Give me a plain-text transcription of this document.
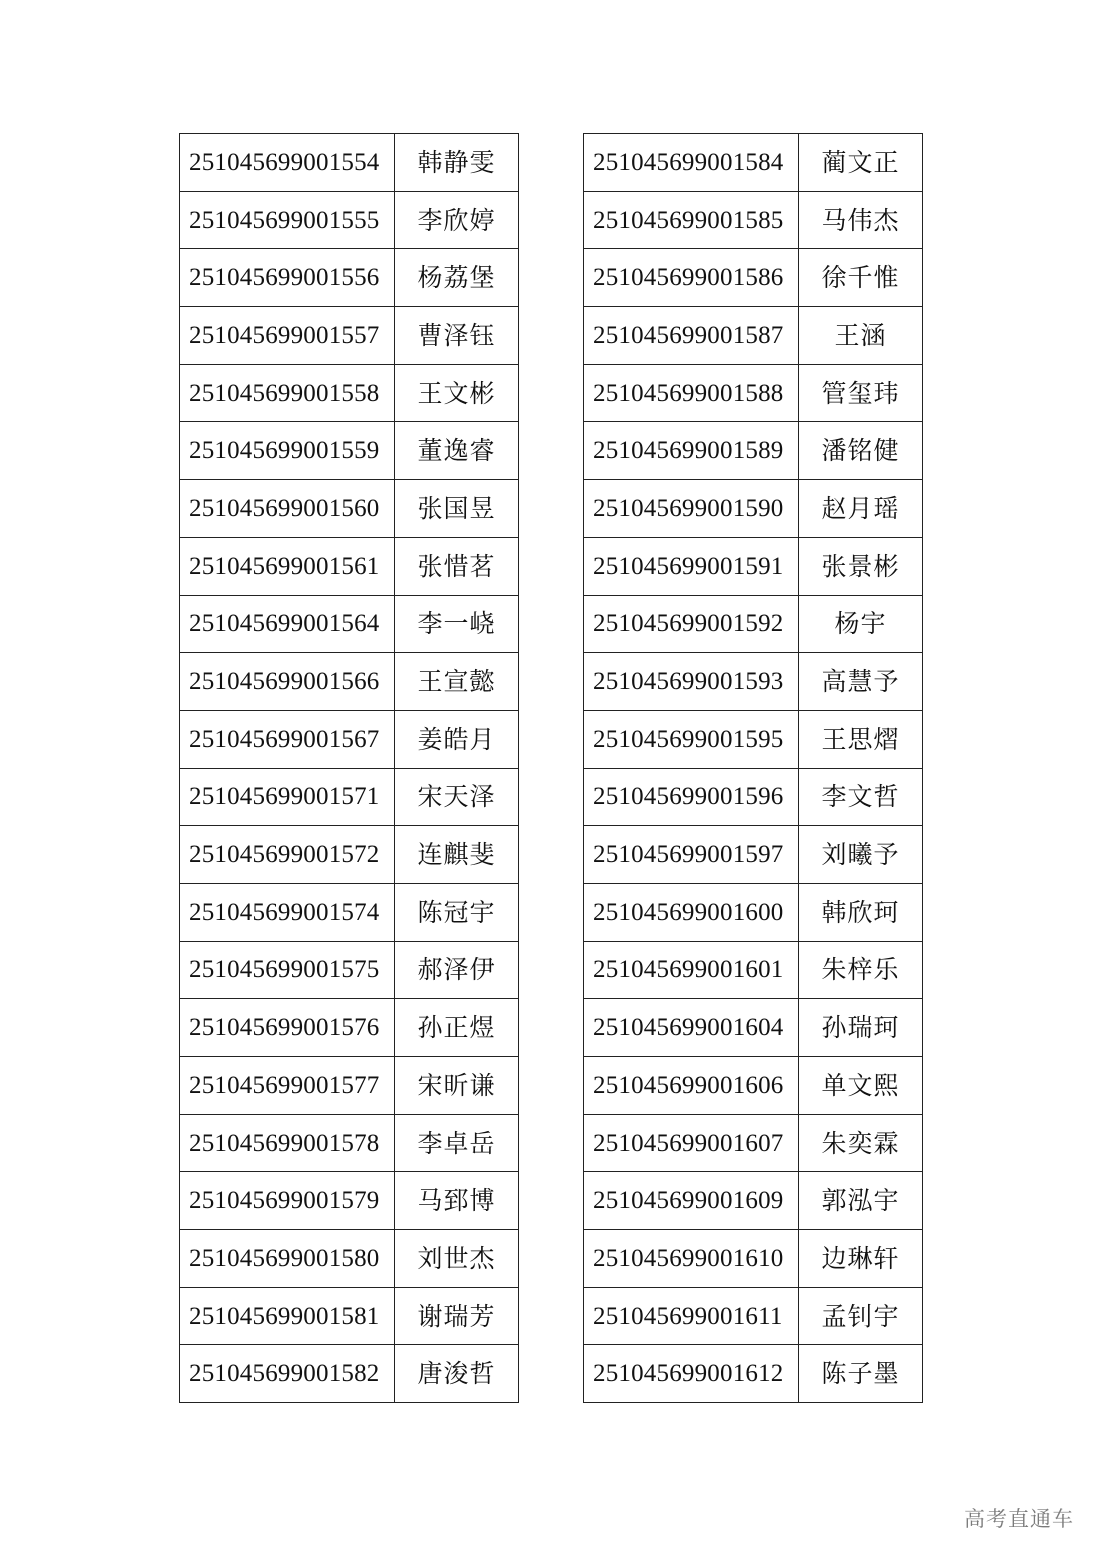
251045699001554	韩静雯
251045699001555	李欣婷
251045699001556	杨荔堡
251045699001557	曹泽钰
251045699001558	王文彬
251045699001559	董逸睿
251045699001560	张国昱
251045699001561	张惜茗
251045699001564	李一峣
251045699001566	王宣懿
251045699001567	姜皓月
251045699001571	宋天泽
251045699001572	连麒斐
251045699001574	陈冠宇
251045699001575	郝泽伊
251045699001576	孙正煜
251045699001577	宋昕谦
251045699001578	李卓岳
251045699001579	马郅博
251045699001580	刘世杰
251045699001581	谢瑞芳
251045699001582	唐浚哲
251045699001584	蔺文正
251045699001585	马伟杰
251045699001586	徐千惟
251045699001587	王涵
251045699001588	管玺玮
251045699001589	潘铭健
251045699001590	赵月瑶
251045699001591	张景彬
251045699001592	杨宇
251045699001593	高慧予
251045699001595	王思熠
251045699001596	李文哲
251045699001597	刘曦予
251045699001600	韩欣珂
251045699001601	朱梓乐
251045699001604	孙瑞珂
251045699001606	单文熙
251045699001607	朱奕霖
251045699001609	郭泓宇
251045699001610	边琳轩
251045699001611	孟钊宇
251045699001612	陈子墨
高考直通车
